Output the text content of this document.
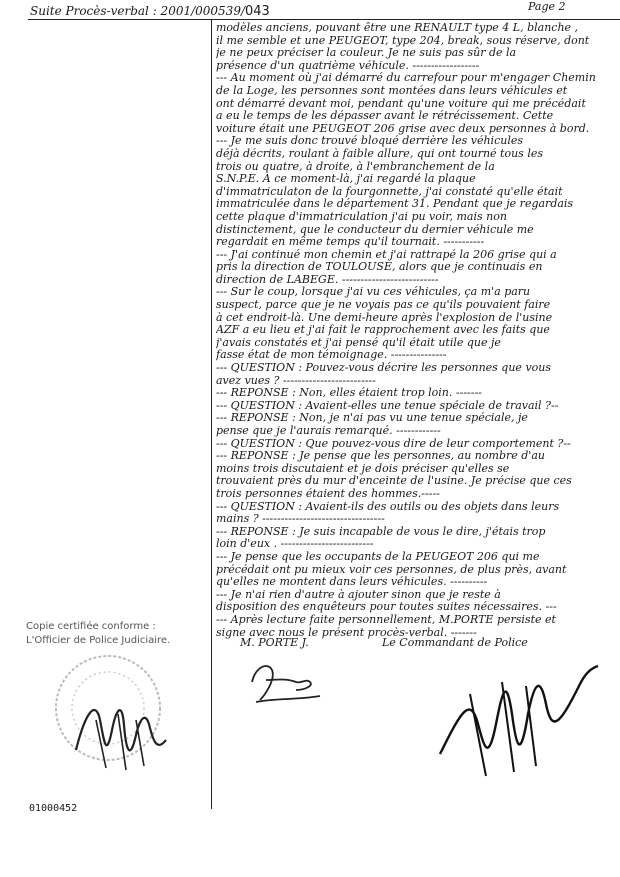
Suite Procès-verbal : 2001/000539/043	Page 2
modèles anciens, pouvant être une RENAULT type 4 L, blanche ,
il me semble et une PEUGEOT, type 204, break, sous réserve, dont
je ne peux préciser la couleur. Je ne suis pas sûr de la
présence d'un quatrième véhicule. ------------------
--- Au moment où j'ai démarré du carrefour pour m'engager Chemin
de la Loge, les personnes sont montées dans leurs véhicules et
ont démarré devant moi, pendant qu'une voiture qui me précédait
a eu le temps de les dépasser avant le rétrécissement. Cette
voiture était une PEUGEOT 206 grise avec deux personnes à bord.
--- Je me suis donc trouvé bloqué derrière les véhicules
déjà décrits, roulant à faible allure, qui ont tourné tous les
trois ou quatre, à droite, à l'embranchement de la
S.N.P.E. A ce moment-là, j'ai regardé la plaque
d'immatriculaton de la fourgonnette, j'ai constaté qu'elle était
immatriculée dans le département 31. Pendant que je regardais
cette plaque d'immatriculation j'ai pu voir, mais non
distinctement, que le conducteur du dernier véhicule me
regardait en même temps qu'il tournait. -----------
--- J'ai continué mon chemin et j'ai rattrapé la 206 grise qui a
pris la direction de TOULOUSE, alors que je continuais en
direction de LABEGE. --------------------------
--- Sur le coup, lorsque j'ai vu ces véhicules, ça m'a paru
suspect, parce que je ne voyais pas ce qu'ils pouvaient faire
à cet endroit-là. Une demi-heure après l'explosion de l'usine
AZF a eu lieu et j'ai fait le rapprochement avec les faits que
j'avais constatés et j'ai pensé qu'il était utile que je
fasse état de mon témoignage. ---------------
--- QUESTION : Pouvez-vous décrire les personnes que vous
avez vues ? -------------------------
--- REPONSE : Non, elles étaient trop loin. -------
--- QUESTION : Avaient-elles une tenue spéciale de travail ?--
--- REPONSE : Non, je n'ai pas vu une tenue spéciale, je
pense que je l'aurais remarqué. ------------
--- QUESTION : Que pouvez-vous dire de leur comportement ?--
--- REPONSE : Je pense que les personnes, au nombre d'au
moins trois discutaient et je dois préciser qu'elles se
trouvaient près du mur d'enceinte de l'usine. Je précise que ces
trois personnes étaient des hommes.-----
--- QUESTION : Avaient-ils des outils ou des objets dans leurs
mains ? ---------------------------------
--- REPONSE : Je suis incapable de vous le dire, j'étais trop
loin d'eux . -------------------------
--- Je pense que les occupants de la PEUGEOT 206 qui me
précédait ont pu mieux voir ces personnes, de plus près, avant
qu'elles ne montent dans leurs véhicules. ----------
--- Je n'ai rien d'autre à ajouter sinon que je reste à
disposition des enquêteurs pour toutes suites nécessaires. ---
--- Après lecture faite personnellement, M.PORTE persiste et
signe avec nous le présent procès-verbal. -------
M. PORTE J.	Le Commandant de Police
Copie certifiée conforme :
L'Officier de Police Judiciaire.
01000452
